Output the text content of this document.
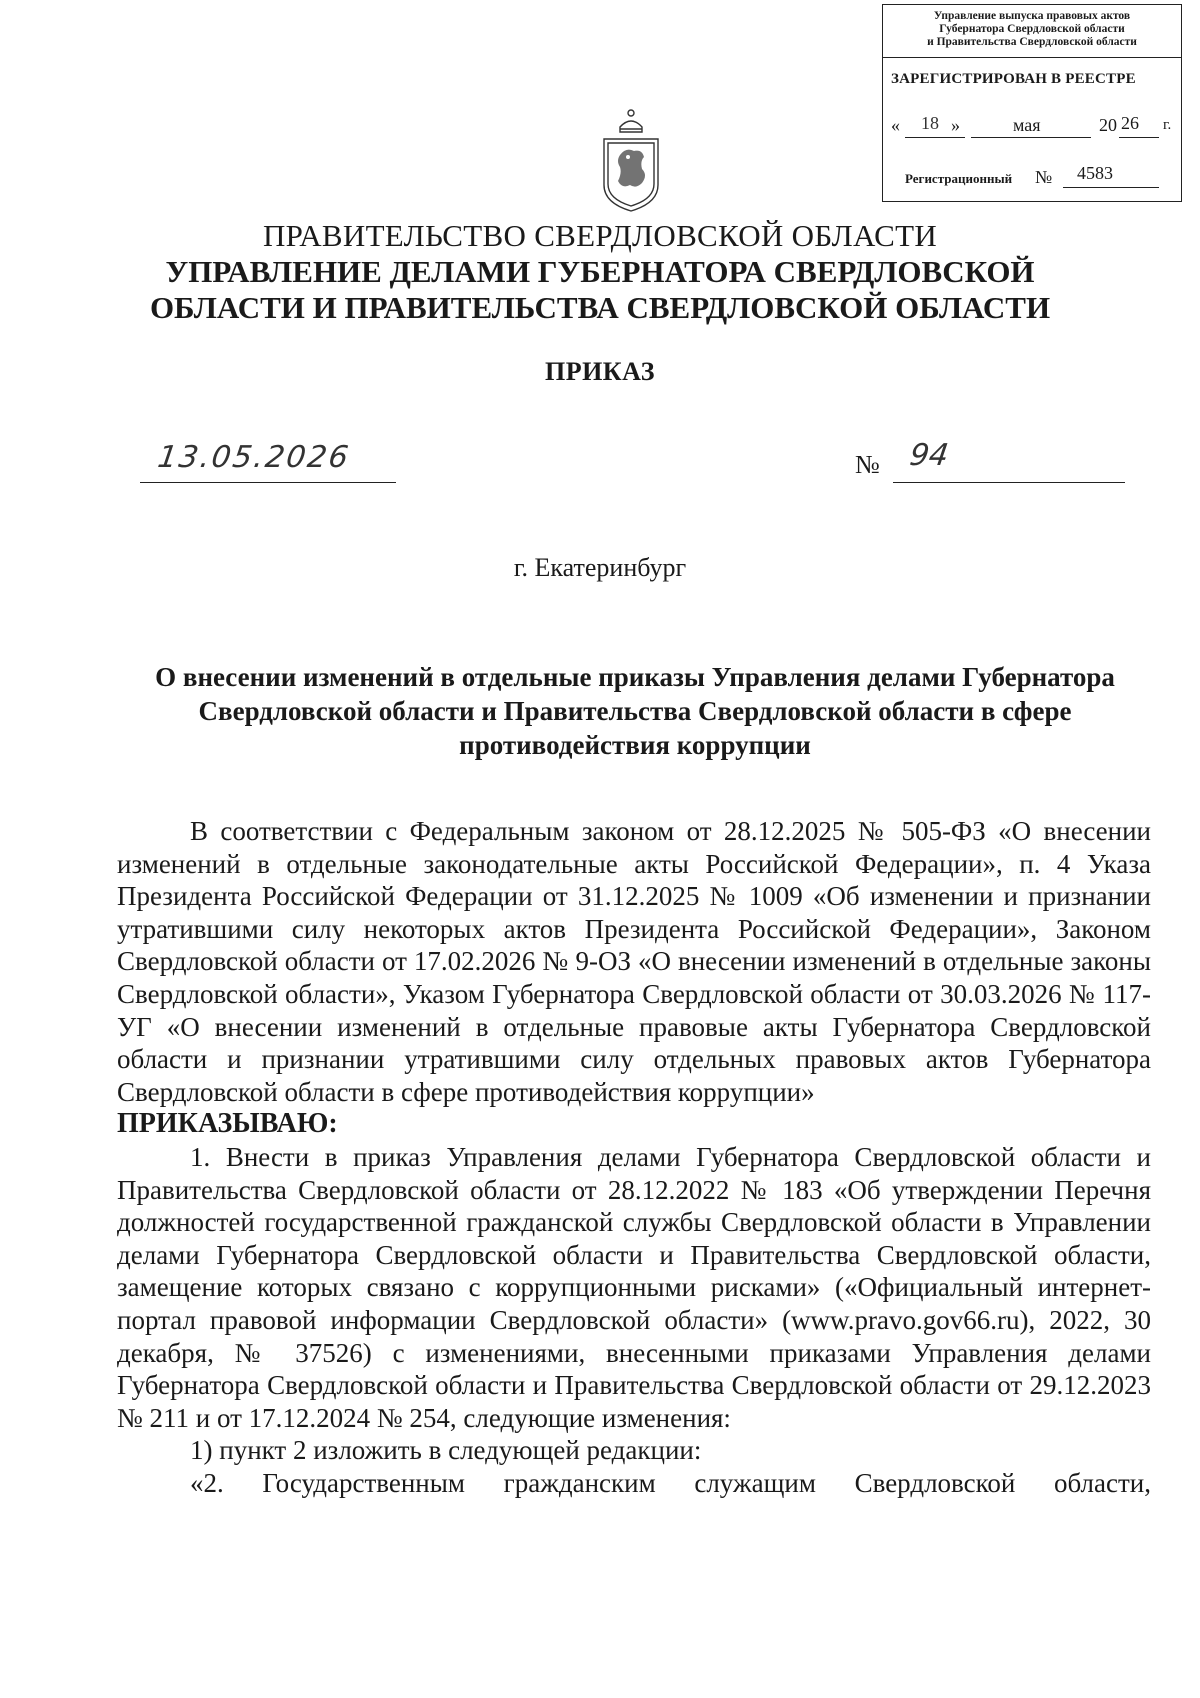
Управление выпуска правовых актов
Губернатора Свердловской области
и Правительства Свердловской области
ЗАРЕГИСТРИРОВАН В РЕЕСТРЕ
« 18 »	мая	20 26 г.
Регистрационный № 4583
ПРАВИТЕЛЬСТВО СВЕРДЛОВСКОЙ ОБЛАСТИ
УПРАВЛЕНИЕ ДЕЛАМИ ГУБЕРНАТОРА СВЕРДЛОВСКОЙ
ОБЛАСТИ И ПРАВИТЕЛЬСТВА СВЕРДЛОВСКОЙ ОБЛАСТИ
ПРИКАЗ
13.05.2026	№ 94
г. Екатеринбург
О внесении изменений в отдельные приказы Управления делами Губернатора
Свердловской области и Правительства Свердловской области в сфере
противодействия коррупции

В соответствии с Федеральным законом от 28.12.2025 № 505-ФЗ «О внесении изменений в отдельные законодательные акты Российской Федерации», п. 4 Указа Президента Российской Федерации от 31.12.2025 № 1009 «Об изменении и признании утратившими силу некоторых актов Президента Российской Федерации», Законом Свердловской области от 17.02.2026 № 9-ОЗ «О внесении изменений в отдельные законы Свердловской области», Указом Губернатора Свердловской области от 30.03.2026 № 117-УГ «О внесении изменений в отдельные правовые акты Губернатора Свердловской области и признании утратившими силу отдельных правовых актов Губернатора Свердловской области в сфере противодействия коррупции»

ПРИКАЗЫВАЮ:

1. Внести в приказ Управления делами Губернатора Свердловской области и Правительства Свердловской области от 28.12.2022 № 183 «Об утверждении Перечня должностей государственной гражданской службы Свердловской области в Управлении делами Губернатора Свердловской области и Правительства Свердловской области, замещение которых связано с коррупционными рисками» («Официальный интернет-портал правовой информации Свердловской области» (www.pravo.gov66.ru), 2022, 30 декабря, № 37526) с изменениями, внесенными приказами Управления делами Губернатора Свердловской области и Правительства Свердловской области от 29.12.2023 № 211 и от 17.12.2024 № 254, следующие изменения:

1) пункт 2 изложить в следующей редакции:

«2. Государственным гражданским служащим Свердловской области,
